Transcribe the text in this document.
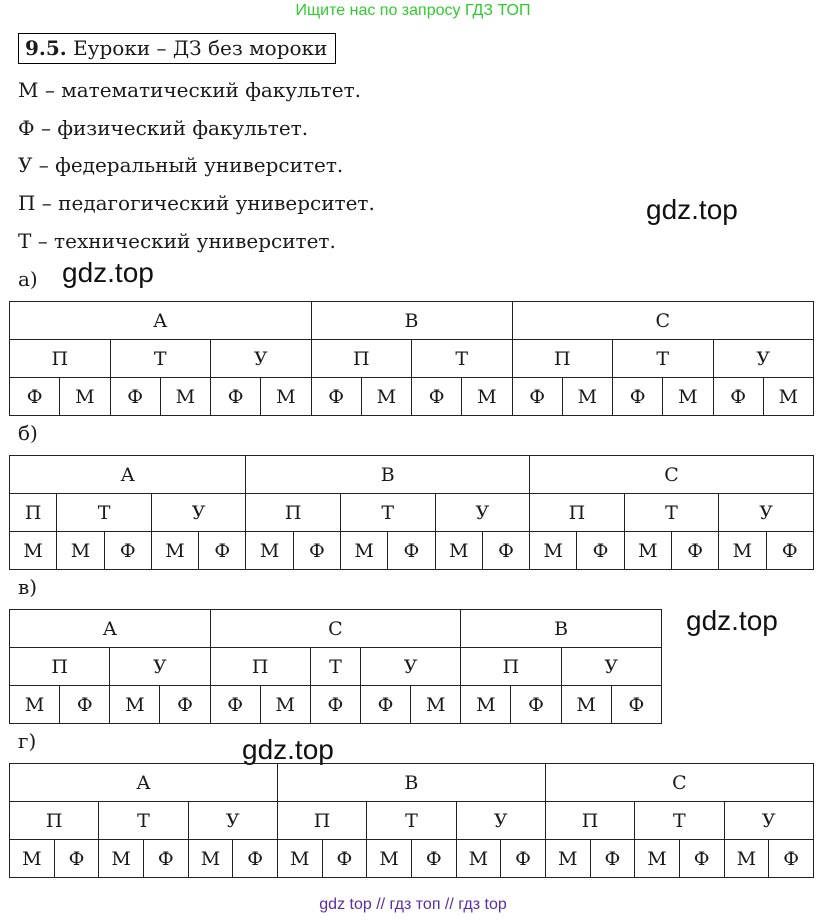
Ищите нас по запросу ГДЗ ТОП
9.5. Еуроки – ДЗ без мороки
М – математический факультет.
Ф – физический факультет.
У – федеральный университет.
П – педагогический университет.
Т – технический университет.
gdz.top
gdz.top
gdz.top
gdz.top
а)
А						В				С					
П		Т		У		П		Т		П		Т		У	
Ф	М	Ф	М	Ф	М	Ф	М	Ф	М	Ф	М	Ф	М	Ф	М
б)
А					В						С					
П	Т		У		П		Т		У		П		Т		У	
М	М	Ф	М	Ф	М	Ф	М	Ф	М	Ф	М	Ф	М	Ф	М	Ф
в)
А				С					В			
П		У		П		Т	У		П		У	
М	Ф	М	Ф	Ф	М	Ф	Ф	М	М	Ф	М	Ф
г)
А						В						С					
П		Т		У		П		Т		У		П		Т		У	
М	Ф	М	Ф	М	Ф	М	Ф	М	Ф	М	Ф	М	Ф	М	Ф	М	Ф
gdz top // гдз топ // гдз top
